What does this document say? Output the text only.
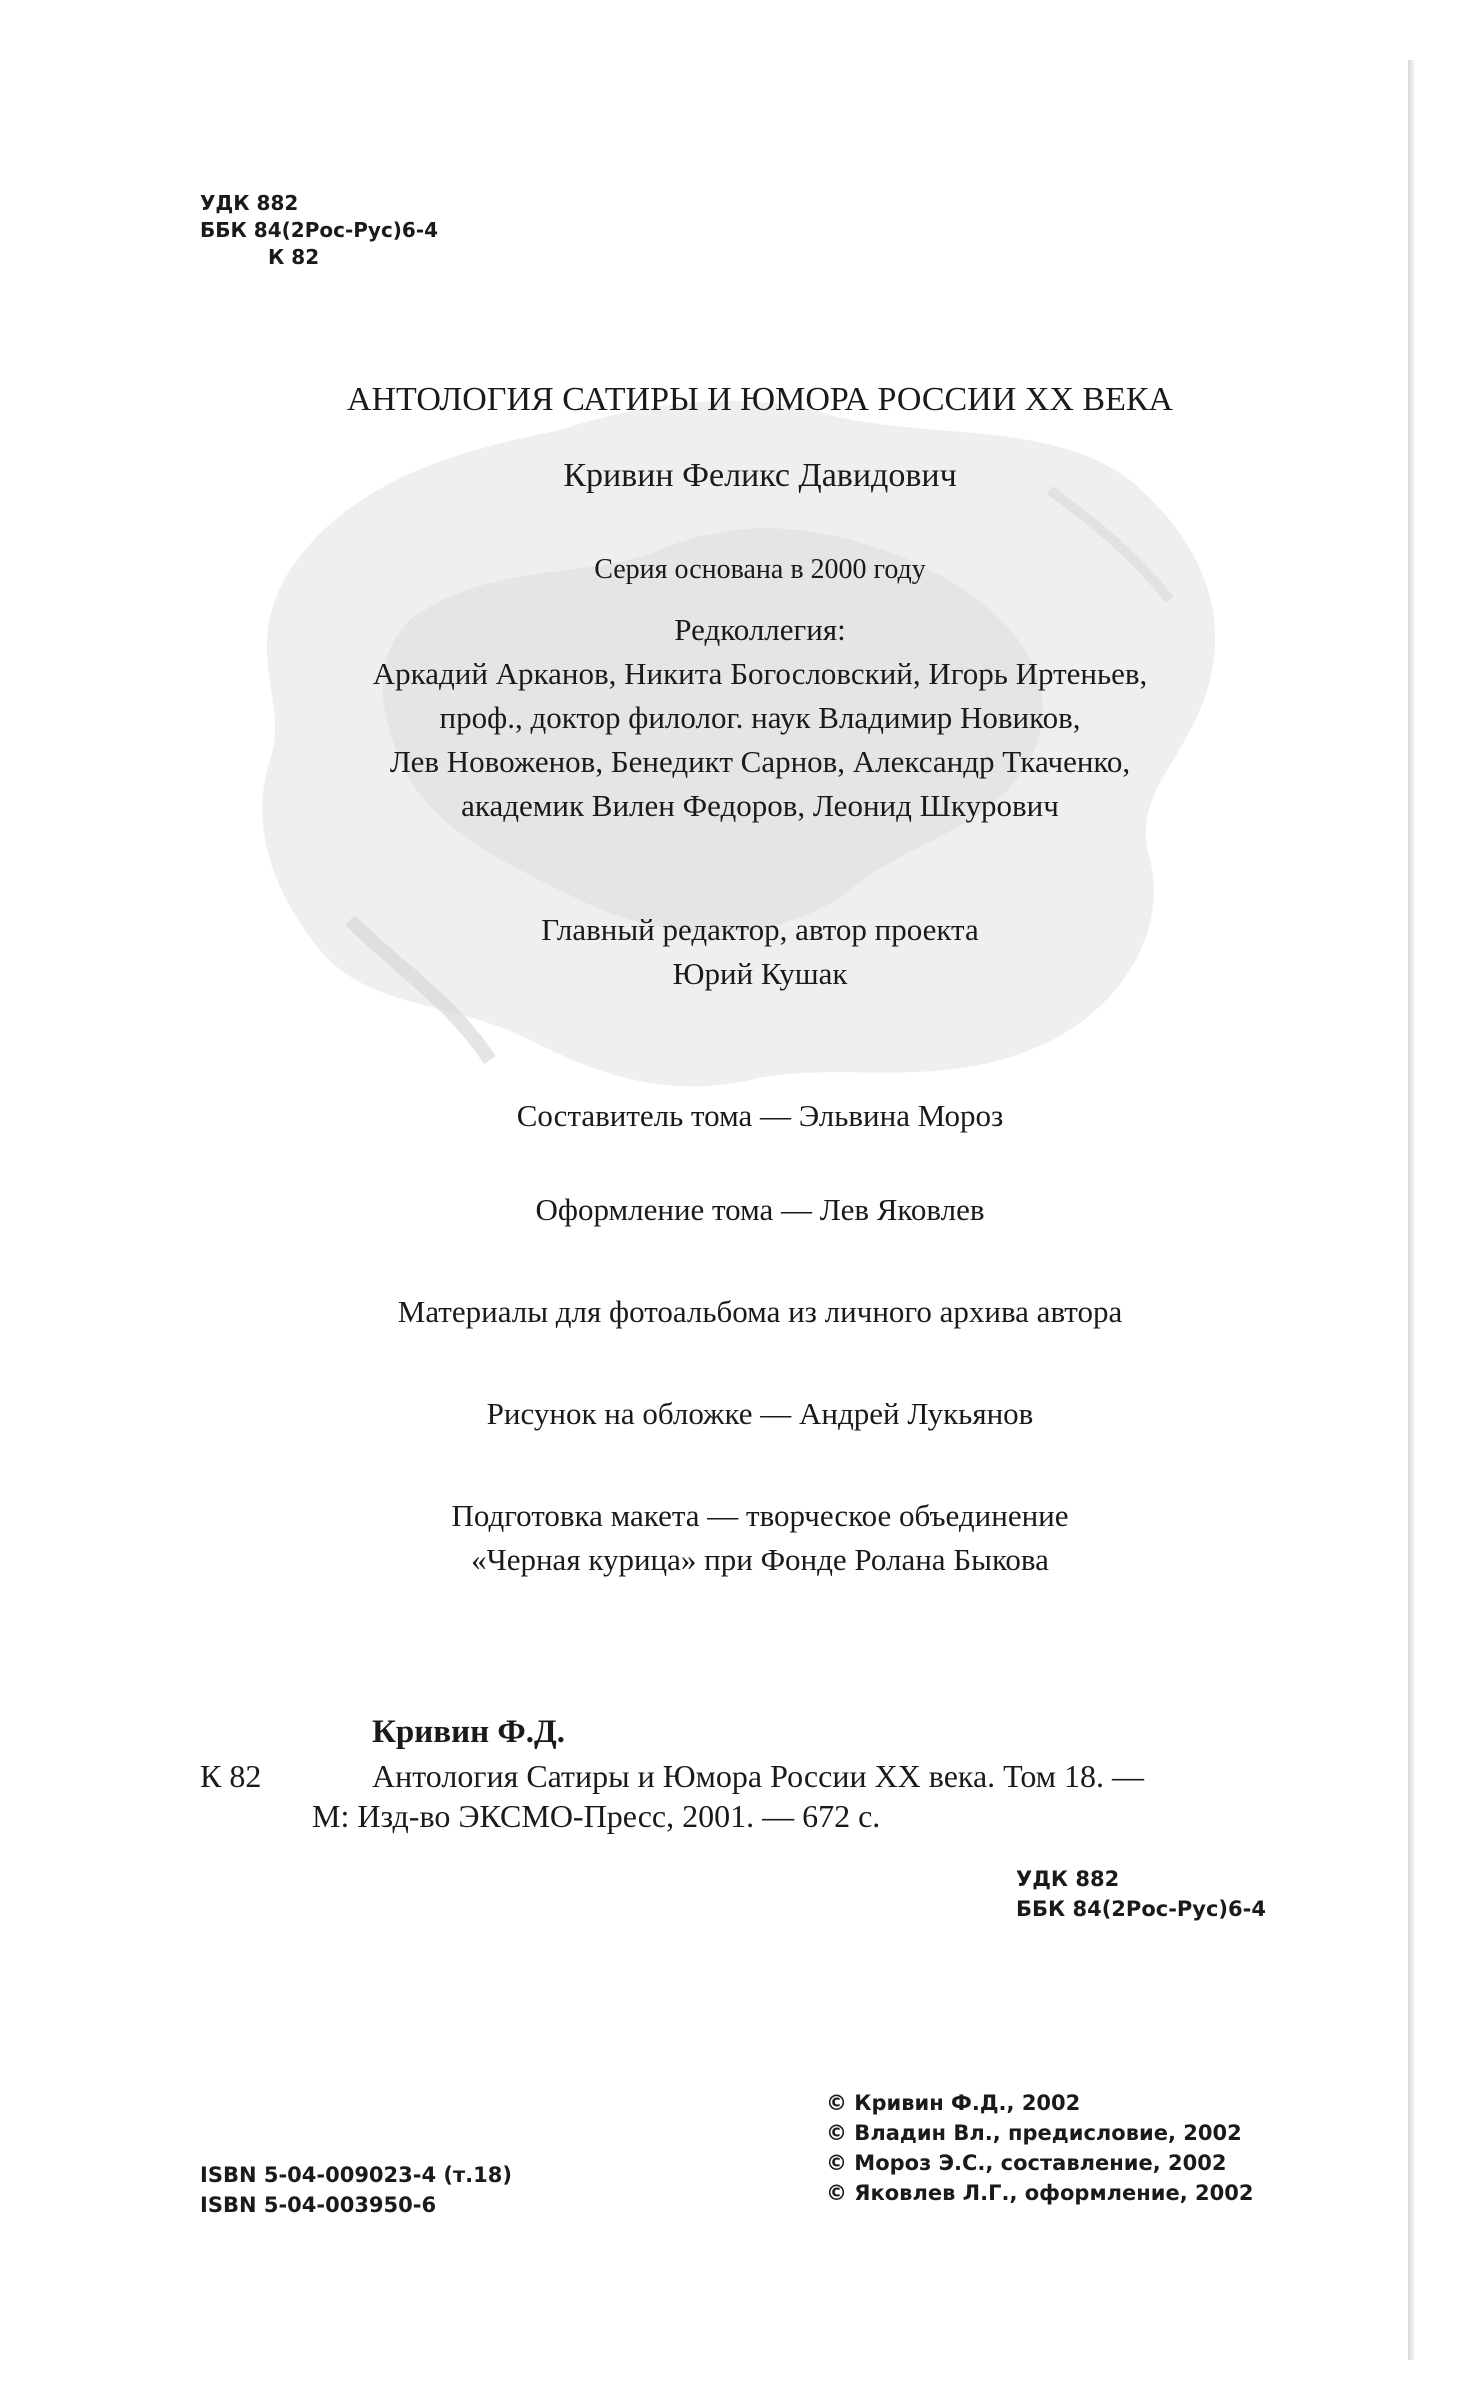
УДК 882
ББК 84(2Рос-Рус)6-4
К 82
АНТОЛОГИЯ САТИРЫ И ЮМОРА РОССИИ XX ВЕКА
Кривин Феликс Давидович
Серия основана в 2000 году
Редколлегия:
Аркадий Арканов, Никита Богословский, Игорь Иртеньев,
проф., доктор филолог. наук Владимир Новиков,
Лев Новоженов, Бенедикт Сарнов, Александр Ткаченко,
академик Вилен Федоров, Леонид Шкурович
Главный редактор, автор проекта
Юрий Кушак
Составитель тома — Эльвина Мороз
Оформление тома — Лев Яковлев
Материалы для фотоальбома из личного архива автора
Рисунок на обложке — Андрей Лукьянов
Подготовка макета — творческое объединение
«Черная курица» при Фонде Ролана Быкова
Кривин Ф.Д.
К 82	Антология Сатиры и Юмора России XX века. Том 18. —
М: Изд-во ЭКСМО-Пресс, 2001. — 672 с.
УДК 882
ББК 84(2Рос-Рус)6-4
ISBN 5-04-009023-4 (т.18)
ISBN 5-04-003950-6
© Кривин Ф.Д., 2002
© Владин Вл., предисловие, 2002
© Мороз Э.С., составление, 2002
© Яковлев Л.Г., оформление, 2002
